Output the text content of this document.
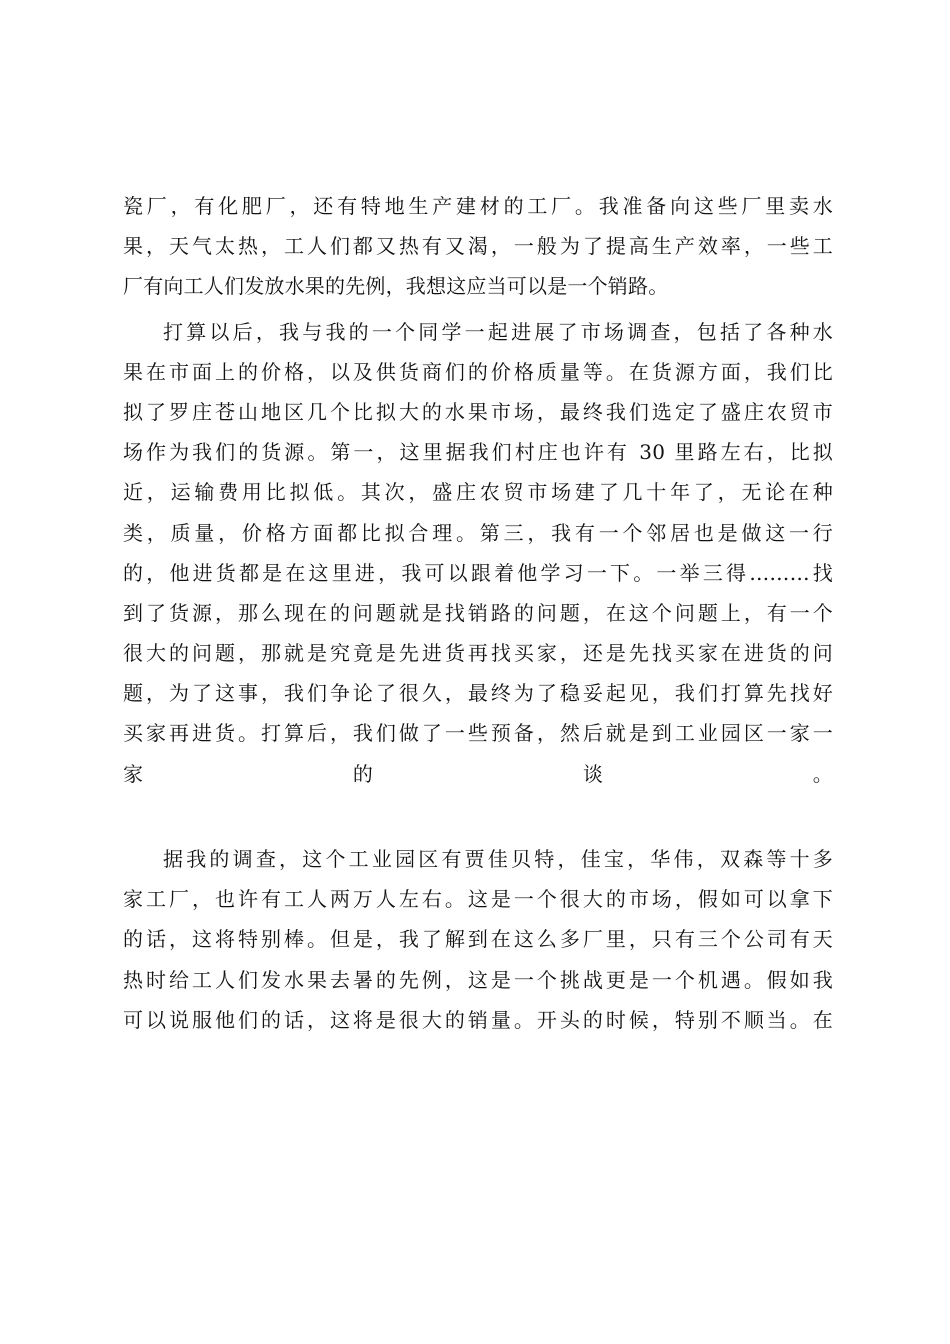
瓷厂，有化肥厂，还有特地生产建材的工厂。我准备向这些厂里卖水
果，天气太热，工人们都又热有又渴，一般为了提高生产效率，一些工
厂有向工人们发放水果的先例，我想这应当可以是一个销路。
打算以后，我与我的一个同学一起进展了市场调查，包括了各种水
果在市面上的价格，以及供货商们的价格质量等。在货源方面，我们比
拟了罗庄苍山地区几个比拟大的水果市场，最终我们选定了盛庄农贸市
场作为我们的货源。第一，这里据我们村庄也许有 30 里路左右，比拟
近，运输费用比拟低。其次，盛庄农贸市场建了几十年了，无论在种
类，质量，价格方面都比拟合理。第三，我有一个邻居也是做这一行
的，他进货都是在这里进，我可以跟着他学习一下。一举三得………找
到了货源，那么现在的问题就是找销路的问题，在这个问题上，有一个
很大的问题，那就是究竟是先进货再找买家，还是先找买家在进货的问
题，为了这事，我们争论了很久，最终为了稳妥起见，我们打算先找好
买家再进货。打算后，我们做了一些预备，然后就是到工业园区一家一
家的谈。
据我的调查，这个工业园区有贾佳贝特，佳宝，华伟，双森等十多
家工厂，也许有工人两万人左右。这是一个很大的市场，假如可以拿下
的话，这将特别棒。但是，我了解到在这么多厂里，只有三个公司有天
热时给工人们发水果去暑的先例，这是一个挑战更是一个机遇。假如我
可以说服他们的话，这将是很大的销量。开头的时候，特别不顺当。在
